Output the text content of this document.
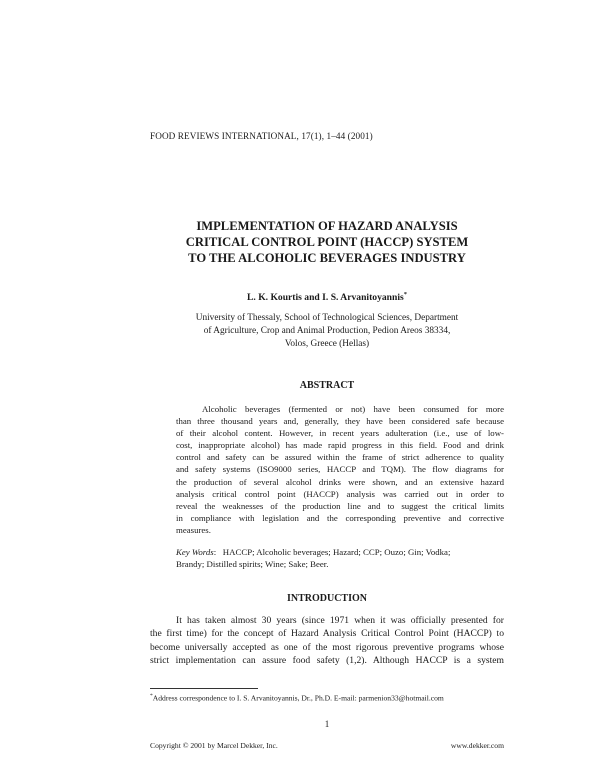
FOOD REVIEWS INTERNATIONAL, 17(1), 1–44 (2001)
IMPLEMENTATION OF HAZARD ANALYSIS
CRITICAL CONTROL POINT (HACCP) SYSTEM
TO THE ALCOHOLIC BEVERAGES INDUSTRY
L. K. Kourtis and I. S. Arvanitoyannis*
University of Thessaly, School of Technological Sciences, Department
of Agriculture, Crop and Animal Production, Pedion Areos 38334,
Volos, Greece (Hellas)
ABSTRACT
Alcoholic beverages (fermented or not) have been consumed for more
than three thousand years and, generally, they have been considered safe because
of their alcohol content. However, in recent years adulteration (i.e., use of low-
cost, inappropriate alcohol) has made rapid progress in this field. Food and drink
control and safety can be assured within the frame of strict adherence to quality
and safety systems (ISO9000 series, HACCP and TQM). The flow diagrams for
the production of several alcohol drinks were shown, and an extensive hazard
analysis critical control point (HACCP) analysis was carried out in order to
reveal the weaknesses of the production line and to suggest the critical limits
in compliance with legislation and the corresponding preventive and corrective
measures.
Key Words:   HACCP; Alcoholic beverages; Hazard; CCP; Ouzo; Gin; Vodka;
Brandy; Distilled spirits; Wine; Sake; Beer.
INTRODUCTION
It has taken almost 30 years (since 1971 when it was officially presented for
the first time) for the concept of Hazard Analysis Critical Control Point (HACCP) to
become universally accepted as one of the most rigorous preventive programs whose
strict implementation can assure food safety (1,2). Although HACCP is a system
*Address correspondence to I. S. Arvanitoyannis, Dr., Ph.D. E-mail: parmenion33@hotmail.com
1
Copyright © 2001 by Marcel Dekker, Inc.	www.dekker.com
